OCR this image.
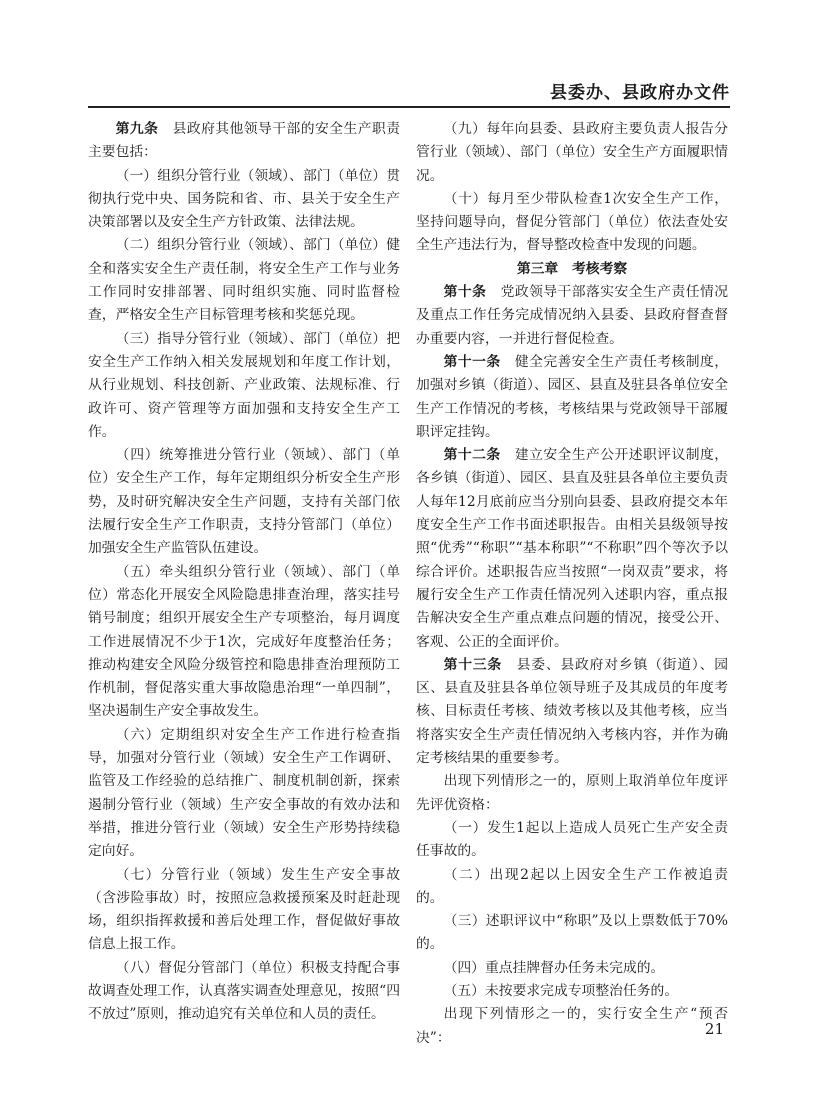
县委办、县政府办文件

第九条　 县政府其他领导干部的安全生产职责主要包括：

（一）组织分管行业（领域）、部门（单位）贯彻执行党中央、国务院和省、市、县关于安全生产决策部署以及安全生产方针政策、法律法规。

（二）组织分管行业（领域）、部门（单位）健全和落实安全生产责任制，将安全生产工作与业务工作同时安排部署、同时组织实施、同时监督检查，严格安全生产目标管理考核和奖惩兑现。

（三）指导分管行业（领域）、部门（单位）把安全生产工作纳入相关发展规划和年度工作计划，从行业规划、科技创新、产业政策、法规标准、行政许可、资产管理等方面加强和支持安全生产工作。

（四）统筹推进分管行业（领域）、部门（单位）安全生产工作，每年定期组织分析安全生产形势，及时研究解决安全生产问题，支持有关部门依法履行安全生产工作职责，支持分管部门（单位）加强安全生产监管队伍建设。

（五）牵头组织分管行业（领域）、部门（单位）常态化开展安全风险隐患排查治理，落实挂号销号制度；组织开展安全生产专项整治，每月调度工作进展情况不少于1次，完成好年度整治任务；推动构建安全风险分级管控和隐患排查治理预防工作机制，督促落实重大事故隐患治理“一单四制”，坚决遏制生产安全事故发生。

（六）定期组织对安全生产工作进行检查指导，加强对分管行业（领域）安全生产工作调研、监管及工作经验的总结推广、制度机制创新，探索遏制分管行业（领域）生产安全事故的有效办法和举措，推进分管行业（领域）安全生产形势持续稳定向好。

（七）分管行业（领域）发生生产安全事故（含涉险事故）时，按照应急救援预案及时赶赴现场，组织指挥救援和善后处理工作，督促做好事故信息上报工作。

（八）督促分管部门（单位）积极支持配合事故调查处理工作，认真落实调查处理意见，按照“四不放过”原则，推动追究有关单位和人员的责任。

（九）每年向县委、县政府主要负责人报告分管行业（领域）、部门（单位）安全生产方面履职情况。

（十）每月至少带队检查1次安全生产工作，坚持问题导向，督促分管部门（单位）依法查处安全生产违法行为，督导整改检查中发现的问题。

第三章　考核考察

第十条　 党政领导干部落实安全生产责任情况及重点工作任务完成情况纳入县委、县政府督查督办重要内容，一并进行督促检查。

第十一条　 健全完善安全生产责任考核制度，加强对乡镇（街道）、园区、县直及驻县各单位安全生产工作情况的考核，考核结果与党政领导干部履职评定挂钩。

第十二条　 建立安全生产公开述职评议制度，各乡镇（街道）、园区、县直及驻县各单位主要负责人每年12月底前应当分别向县委、县政府提交本年度安全生产工作书面述职报告。由相关县级领导按照“优秀”“称职”“基本称职”“不称职”四个等次予以综合评价。述职报告应当按照“一岗双责”要求，将履行安全生产工作责任情况列入述职内容，重点报告解决安全生产重点难点问题的情况，接受公开、客观、公正的全面评价。

第十三条　 县委、县政府对乡镇（街道）、园区、县直及驻县各单位领导班子及其成员的年度考核、目标责任考核、绩效考核以及其他考核，应当将落实安全生产责任情况纳入考核内容，并作为确定考核结果的重要参考。

出现下列情形之一的，原则上取消单位年度评先评优资格：

（一）发生1起以上造成人员死亡生产安全责任事故的。

（二）出现2起以上因安全生产工作被追责的。

（三）述职评议中“称职”及以上票数低于70%的。

（四）重点挂牌督办任务未完成的。

（五）未按要求完成专项整治任务的。

出现下列情形之一的，实行安全生产“预否决”：	21
